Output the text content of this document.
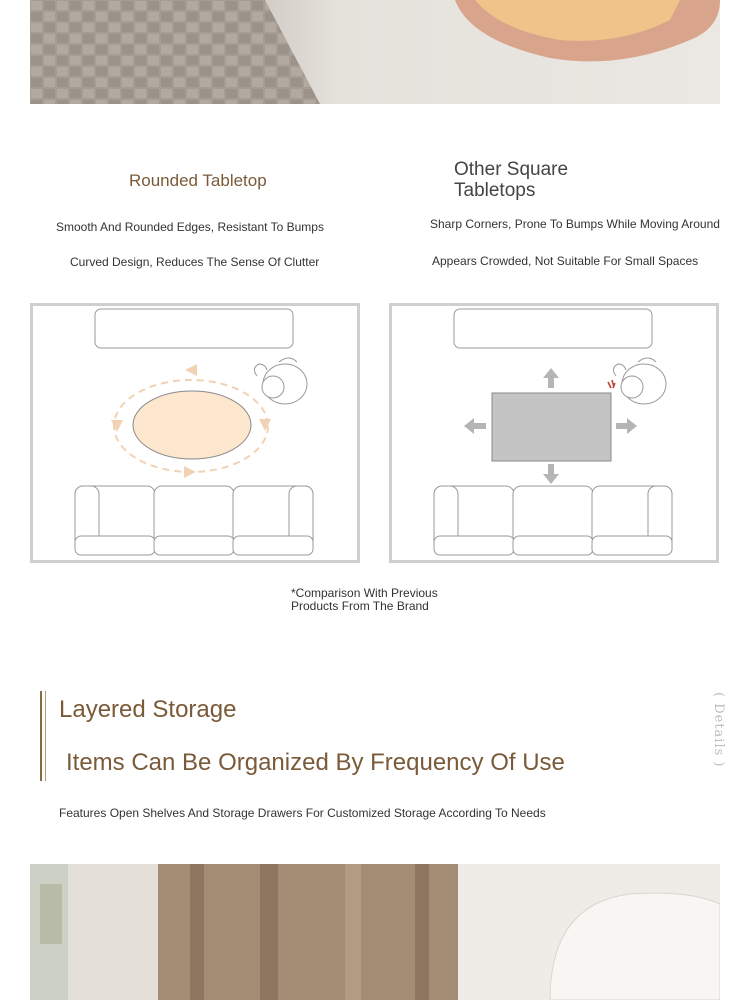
Rounded Tabletop
Smooth And Rounded Edges, Resistant To Bumps
Curved Design, Reduces The Sense Of Clutter
Other Square Tabletops
Sharp Corners, Prone To Bumps While Moving Around
Appears Crowded, Not Suitable For Small Spaces
*Comparison With Previous Products From The Brand
Layered Storage
Items Can Be Organized By Frequency Of Use
Features Open Shelves And Storage Drawers For Customized Storage According To Needs
( Details )
